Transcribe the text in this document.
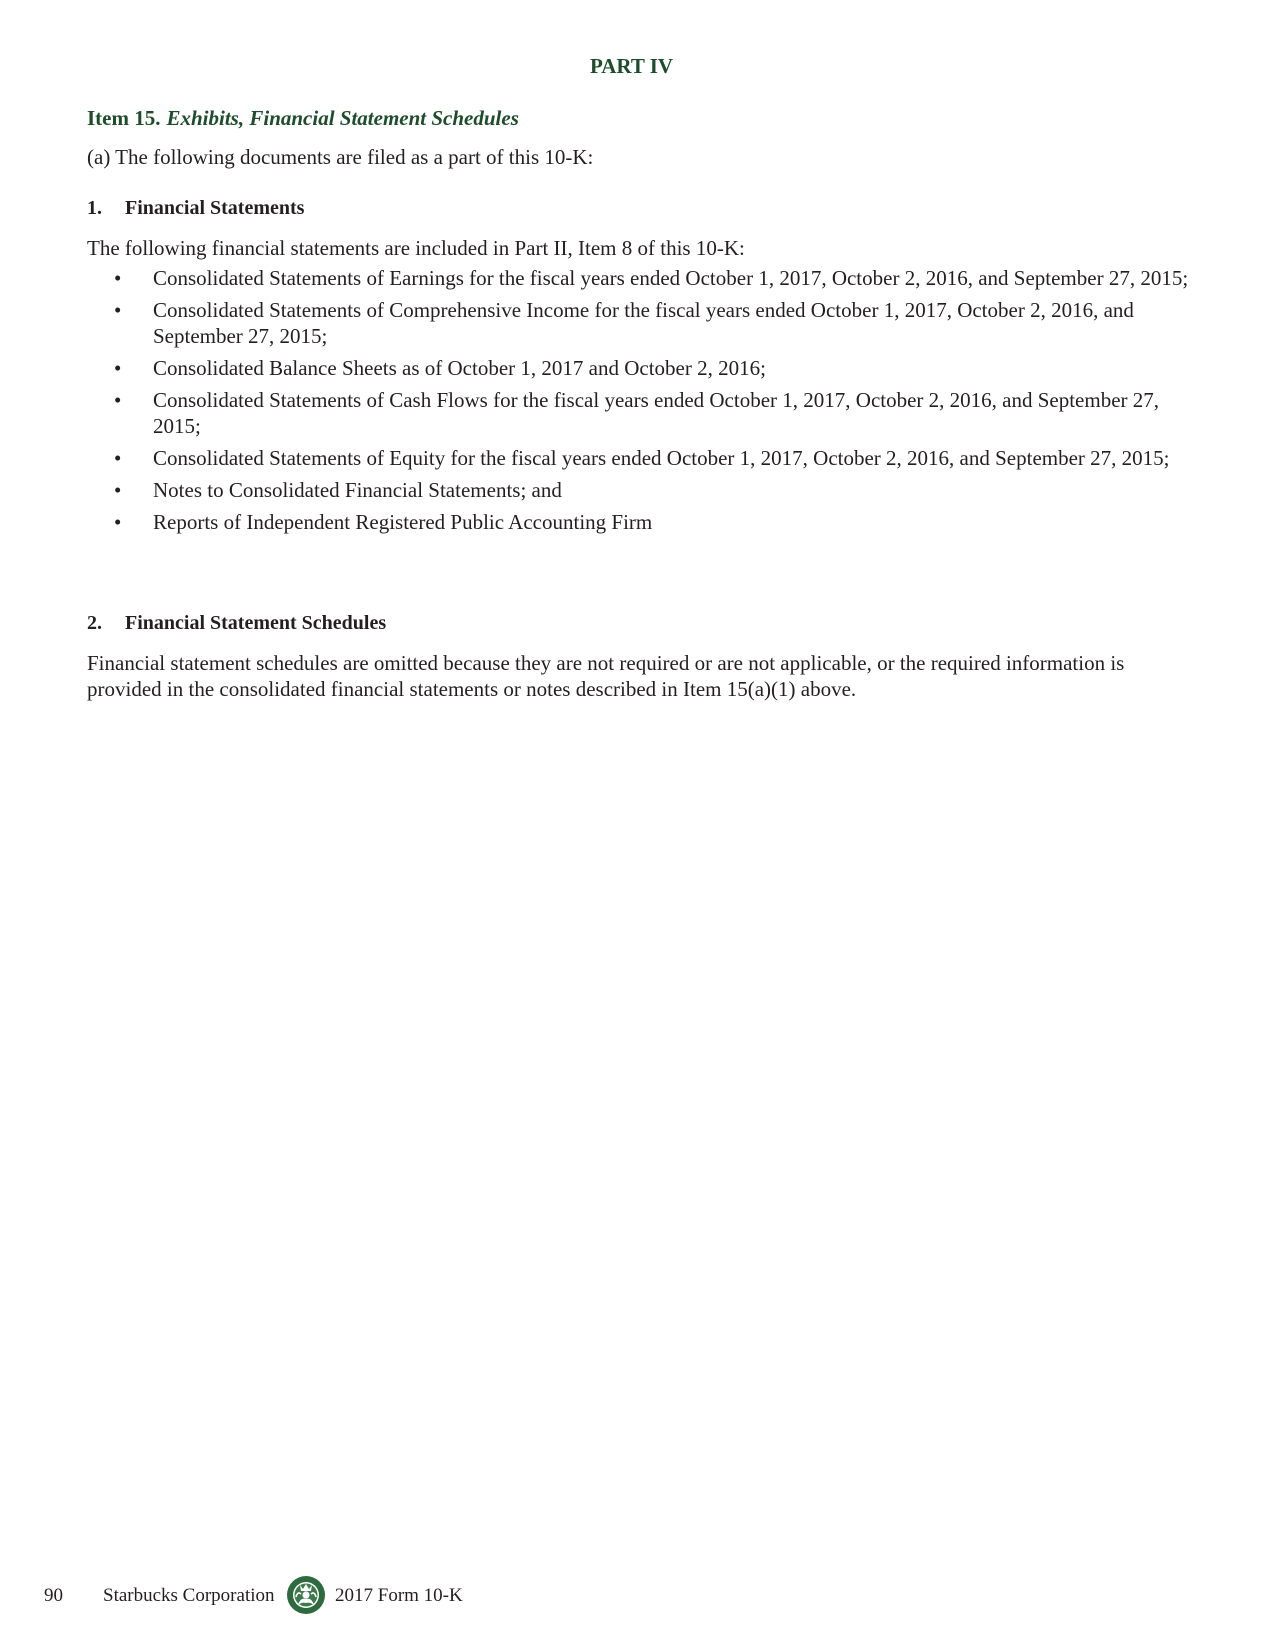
PART IV
Item 15. Exhibits, Financial Statement Schedules

(a) The following documents are filed as a part of this 10-K:

1. Financial Statements

The following financial statements are included in Part II, Item 8 of this 10-K:

• Consolidated Statements of Earnings for the fiscal years ended October 1, 2017, October 2, 2016, and September 27, 2015;
• Consolidated Statements of Comprehensive Income for the fiscal years ended October 1, 2017, October 2, 2016, and September 27, 2015;
• Consolidated Balance Sheets as of October 1, 2017 and October 2, 2016;
• Consolidated Statements of Cash Flows for the fiscal years ended October 1, 2017, October 2, 2016, and September 27, 2015;
• Consolidated Statements of Equity for the fiscal years ended October 1, 2017, October 2, 2016, and September 27, 2015;
• Notes to Consolidated Financial Statements; and
• Reports of Independent Registered Public Accounting Firm
2. Financial Statement Schedules

Financial statement schedules are omitted because they are not required or are not applicable, or the required information is provided in the consolidated financial statements or notes described in Item 15(a)(1) above.

90 Starbucks Corporation	2017 Form 10-K
